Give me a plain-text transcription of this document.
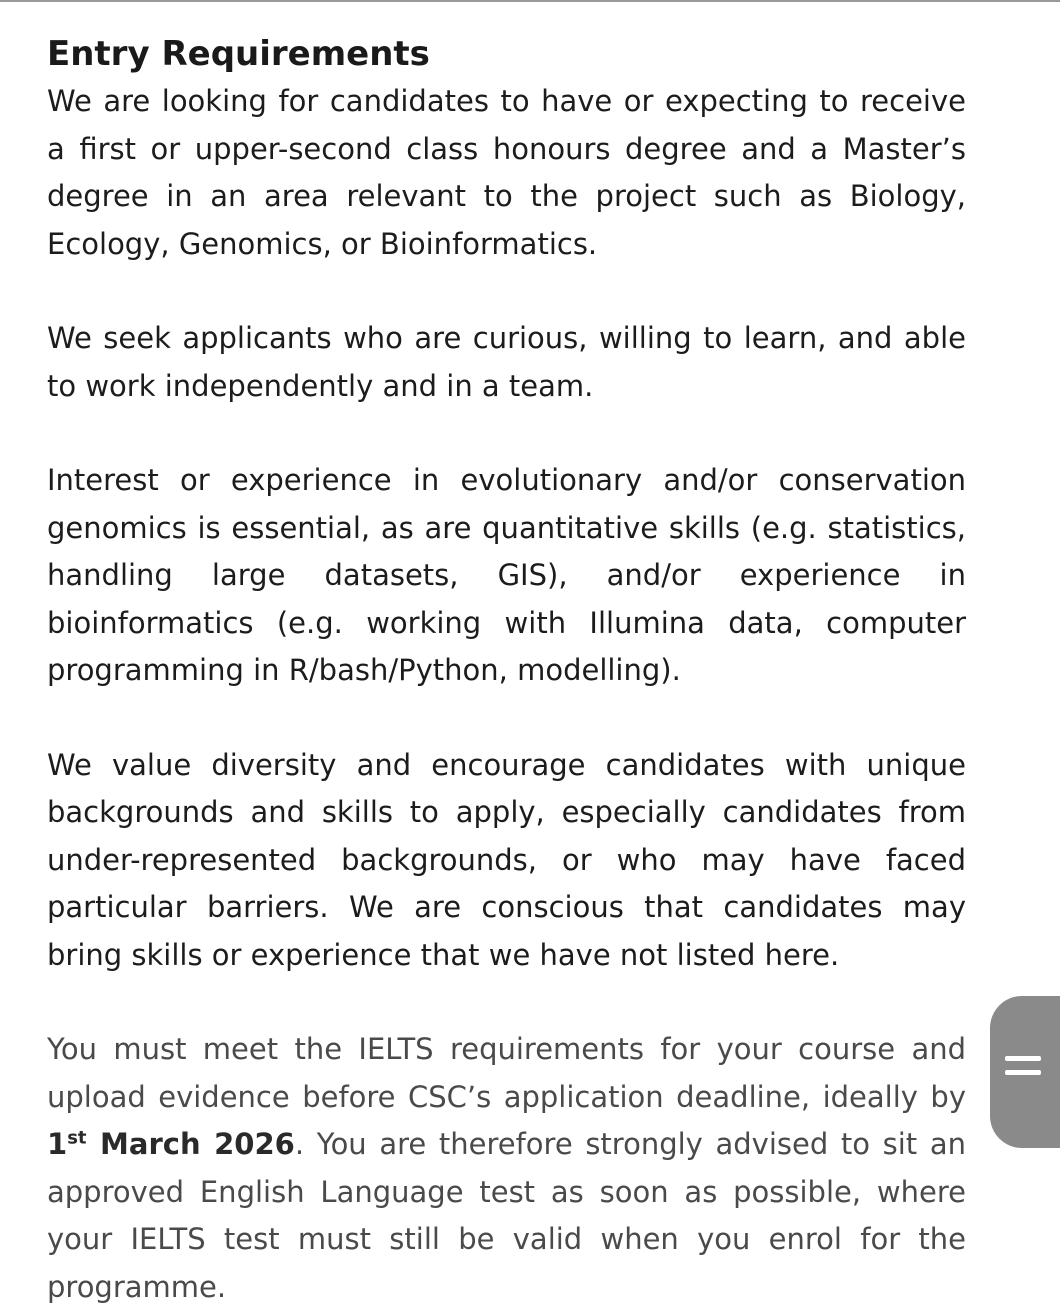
Entry Requirements

We are looking for candidates to have or expecting to receive a first or upper-second class honours degree and a Master’s degree in an area relevant to the project such as Biology, Ecology, Genomics, or Bioinformatics.

We seek applicants who are curious, willing to learn, and able to work independently and in a team.

Interest or experience in evolutionary and/or conservation genomics is essential, as are quantitative skills (e.g. statistics, handling large datasets, GIS), and/or experience in bioinformatics (e.g. working with Illumina data, computer programming in R/bash/Python, modelling).

We value diversity and encourage candidates with unique backgrounds and skills to apply, especially candidates from under-represented backgrounds, or who may have faced particular barriers. We are conscious that candidates may bring skills or experience that we have not listed here.

You must meet the IELTS requirements for your course and upload evidence before CSC’s application deadline, ideally by 1st March 2026. You are therefore strongly advised to sit an approved English Language test as soon as possible, where your IELTS test must still be valid when you enrol for the programme.
